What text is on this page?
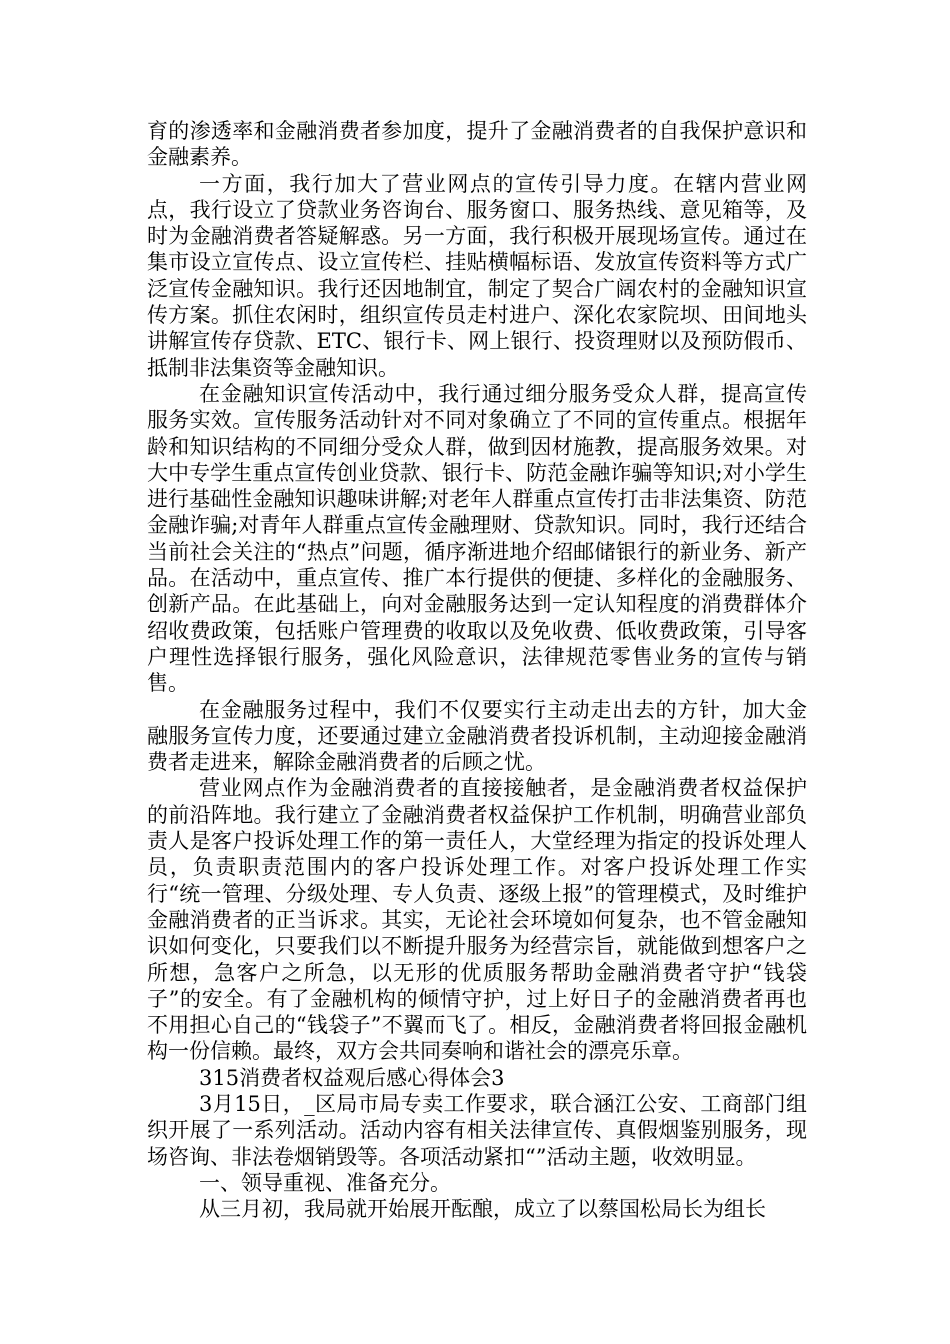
育的渗透率和金融消费者参加度，提升了金融消费者的自我保护意识和金融素养。

一方面，我行加大了营业网点的宣传引导力度。在辖内营业网点，我行设立了贷款业务咨询台、服务窗口、服务热线、意见箱等，及时为金融消费者答疑解惑。另一方面，我行积极开展现场宣传。通过在集市设立宣传点、设立宣传栏、挂贴横幅标语、发放宣传资料等方式广泛宣传金融知识。我行还因地制宜，制定了契合广阔农村的金融知识宣传方案。抓住农闲时，组织宣传员走村进户、深化农家院坝、田间地头讲解宣传存贷款、ETC、银行卡、网上银行、投资理财以及预防假币、抵制非法集资等金融知识。

在金融知识宣传活动中，我行通过细分服务受众人群，提高宣传服务实效。宣传服务活动针对不同对象确立了不同的宣传重点。根据年龄和知识结构的不同细分受众人群，做到因材施教，提高服务效果。对大中专学生重点宣传创业贷款、银行卡、防范金融诈骗等知识;对小学生进行基础性金融知识趣味讲解;对老年人群重点宣传打击非法集资、防范金融诈骗;对青年人群重点宣传金融理财、贷款知识。同时，我行还结合当前社会关注的“热点”问题，循序渐进地介绍邮储银行的新业务、新产品。在活动中，重点宣传、推广本行提供的便捷、多样化的金融服务、创新产品。在此基础上，向对金融服务达到一定认知程度的消费群体介绍收费政策，包括账户管理费的收取以及免收费、低收费政策，引导客户理性选择银行服务，强化风险意识，法律规范零售业务的宣传与销售。

在金融服务过程中，我们不仅要实行主动走出去的方针，加大金融服务宣传力度，还要通过建立金融消费者投诉机制，主动迎接金融消费者走进来，解除金融消费者的后顾之忧。

营业网点作为金融消费者的直接接触者，是金融消费者权益保护的前沿阵地。我行建立了金融消费者权益保护工作机制，明确营业部负责人是客户投诉处理工作的第一责任人，大堂经理为指定的投诉处理人员，负责职责范围内的客户投诉处理工作。对客户投诉处理工作实行“统一管理、分级处理、专人负责、逐级上报”的管理模式，及时维护金融消费者的正当诉求。其实，无论社会环境如何复杂，也不管金融知识如何变化，只要我们以不断提升服务为经营宗旨，就能做到想客户之所想，急客户之所急，以无形的优质服务帮助金融消费者守护“钱袋子”的安全。有了金融机构的倾情守护，过上好日子的金融消费者再也不用担心自己的“钱袋子”不翼而飞了。相反，金融消费者将回报金融机构一份信赖。最终，双方会共同奏响和谐社会的漂亮乐章。

315消费者权益观后感心得体会3

3月15日，_区局市局专卖工作要求，联合涵江公安、工商部门组织开展了一系列活动。活动内容有相关法律宣传、真假烟鉴别服务，现场咨询、非法卷烟销毁等。各项活动紧扣“”活动主题，收效明显。

一、领导重视、准备充分。

从三月初，我局就开始展开酝酿，成立了以蔡国松局长为组长
